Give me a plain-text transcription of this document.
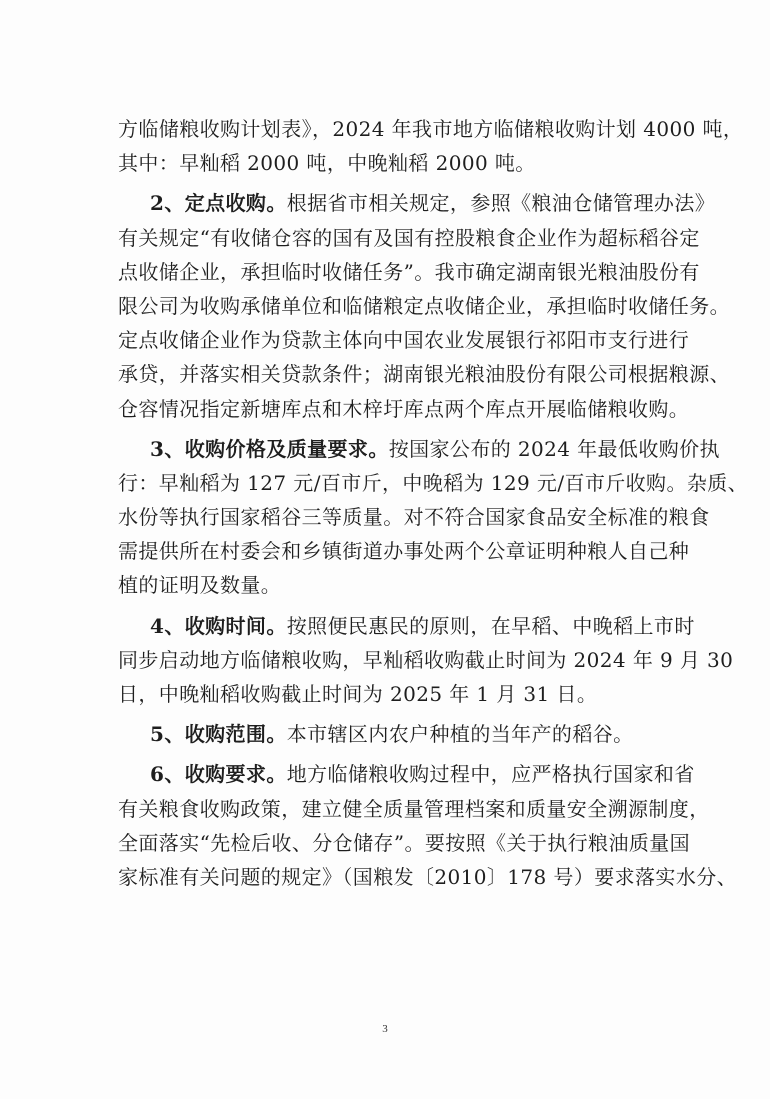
方临储粮收购计划表》，2024 年我市地方临储粮收购计划 4000 吨，
其中：早籼稻 2000 吨，中晚籼稻 2000 吨。
2、定点收购。根据省市相关规定，参照《粮油仓储管理办法》
有关规定“有收储仓容的国有及国有控股粮食企业作为超标稻谷定
点收储企业，承担临时收储任务”。我市确定湖南银光粮油股份有
限公司为收购承储单位和临储粮定点收储企业，承担临时收储任务。
定点收储企业作为贷款主体向中国农业发展银行祁阳市支行进行
承贷，并落实相关贷款条件；湖南银光粮油股份有限公司根据粮源、
仓容情况指定新塘库点和木梓圩库点两个库点开展临储粮收购。
3、收购价格及质量要求。按国家公布的 2024 年最低收购价执
行：早籼稻为 127 元/百市斤，中晚稻为 129 元/百市斤收购。杂质、
水份等执行国家稻谷三等质量。对不符合国家食品安全标准的粮食
需提供所在村委会和乡镇街道办事处两个公章证明种粮人自己种
植的证明及数量。
4、收购时间。按照便民惠民的原则，在早稻、中晚稻上市时
同步启动地方临储粮收购，早籼稻收购截止时间为 2024 年 9 月 30
日，中晚籼稻收购截止时间为 2025 年 1 月 31 日。
5、收购范围。本市辖区内农户种植的当年产的稻谷。
6、收购要求。地方临储粮收购过程中，应严格执行国家和省
有关粮食收购政策，建立健全质量管理档案和质量安全溯源制度，
全面落实“先检后收、分仓储存”。要按照《关于执行粮油质量国
家标准有关问题的规定》（国粮发〔2010〕178 号）要求落实水分、
3
